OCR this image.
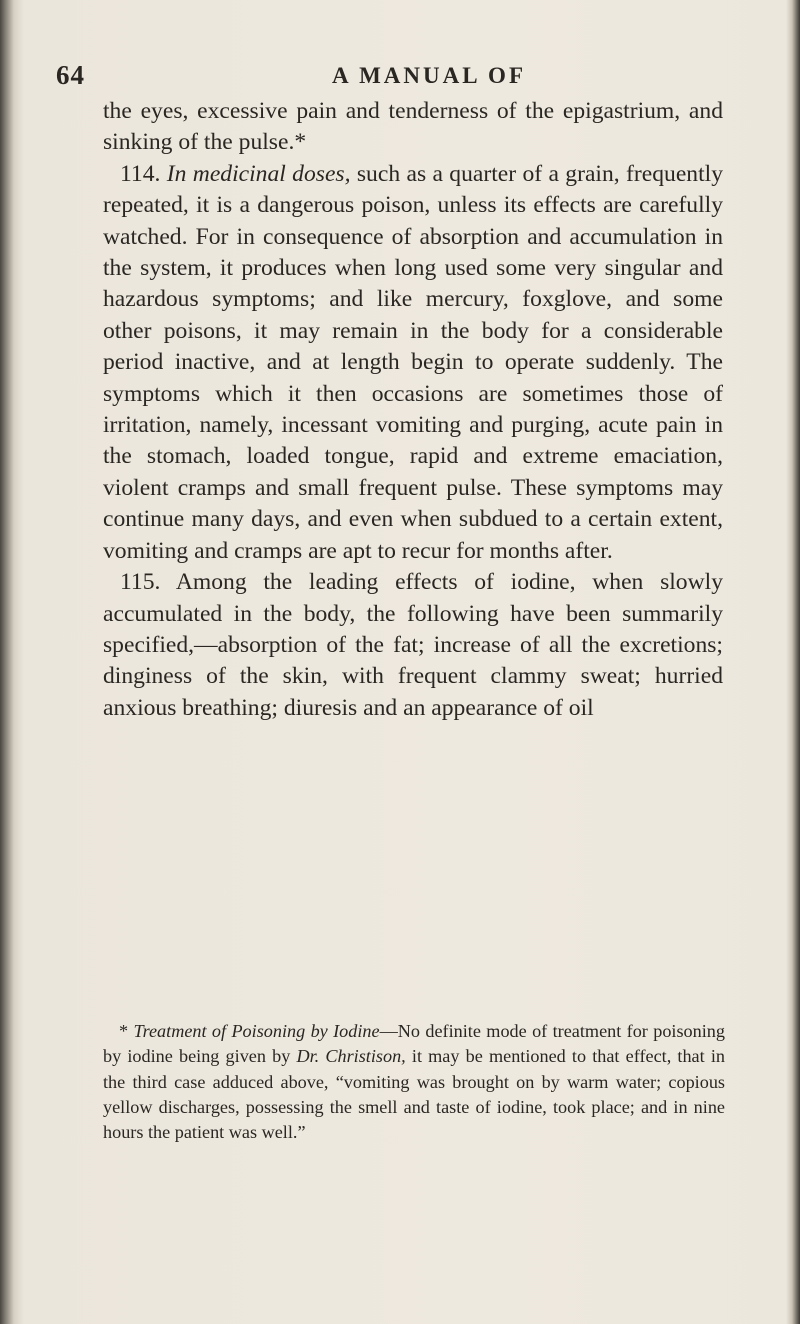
64	A MANUAL OF

the eyes, excessive pain and tenderness of the epigastrium, and sinking of the pulse.*

114. In medicinal doses, such as a quarter of a grain, frequently repeated, it is a dangerous poison, unless its effects are carefully watched. For in consequence of absorption and accumulation in the system, it produces when long used some very singular and hazardous symptoms; and like mercury, foxglove, and some other poisons, it may remain in the body for a considerable period inactive, and at length begin to operate suddenly. The symptoms which it then occasions are sometimes those of irritation, namely, incessant vomiting and purging, acute pain in the stomach, loaded tongue, rapid and extreme emaciation, violent cramps and small frequent pulse. These symptoms may continue many days, and even when subdued to a certain extent, vomiting and cramps are apt to recur for months after.

115. Among the leading effects of iodine, when slowly accumulated in the body, the following have been summarily specified,—absorption of the fat; increase of all the excretions; dinginess of the skin, with frequent clammy sweat; hurried anxious breathing; diuresis and an appearance of oil

* Treatment of Poisoning by Iodine—No definite mode of treatment for poisoning by iodine being given by Dr. Christison, it may be mentioned to that effect, that in the third case adduced above, “vomiting was brought on by warm water; copious yellow discharges, possessing the smell and taste of iodine, took place; and in nine hours the patient was well.”
